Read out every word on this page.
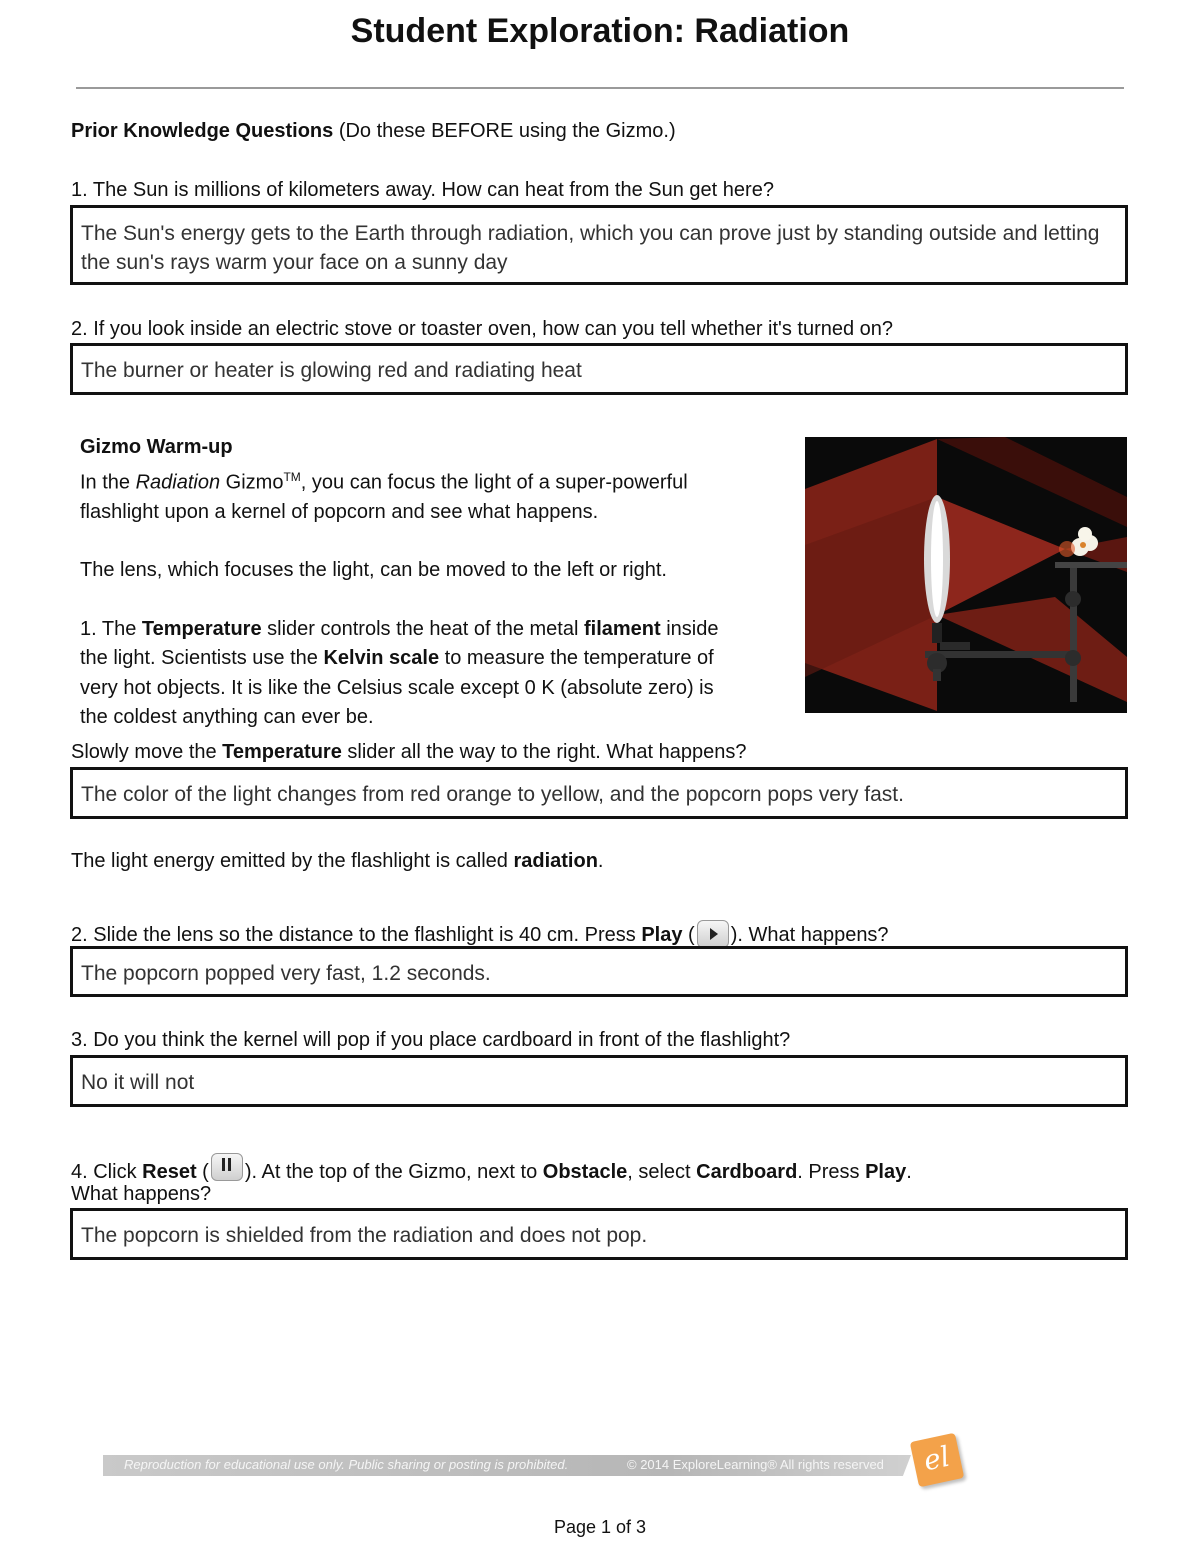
Student Exploration: Radiation
Prior Knowledge Questions (Do these BEFORE using the Gizmo.)
1. The Sun is millions of kilometers away. How can heat from the Sun get here?
The Sun's energy gets to the Earth through radiation, which you can prove just by standing outside and letting the sun's rays warm your face on a sunny day
2. If you look inside an electric stove or toaster oven, how can you tell whether it's turned on?
The burner or heater is glowing red and radiating heat

Gizmo Warm-up

In the Radiation Gizmo™, you can focus the light of a super-powerful flashlight upon a kernel of popcorn and see what happens.

The lens, which focuses the light, can be moved to the left or right.

1. The Temperature slider controls the heat of the metal filament inside the light. Scientists use the Kelvin scale to measure the temperature of very hot objects. It is like the Celsius scale except 0 K (absolute zero) is the coldest anything can ever be.

Slowly move the Temperature slider all the way to the right. What happens?
The color of the light changes from red orange to yellow, and the popcorn pops very fast.
The light energy emitted by the flashlight is called radiation.
2. Slide the lens so the distance to the flashlight is 40 cm. Press Play ( ). What happens?
The popcorn popped very fast, 1.2 seconds.
3. Do you think the kernel will pop if you place cardboard in front of the flashlight?
No it will not
4. Click Reset ( ). At the top of the Gizmo, next to Obstacle, select Cardboard. Press Play.
What happens?
The popcorn is shielded from the radiation and does not pop.
Reproduction for educational use only. Public sharing or posting is prohibited.	© 2014 ExploreLearning® All rights reserved	el
Page 1 of 3
